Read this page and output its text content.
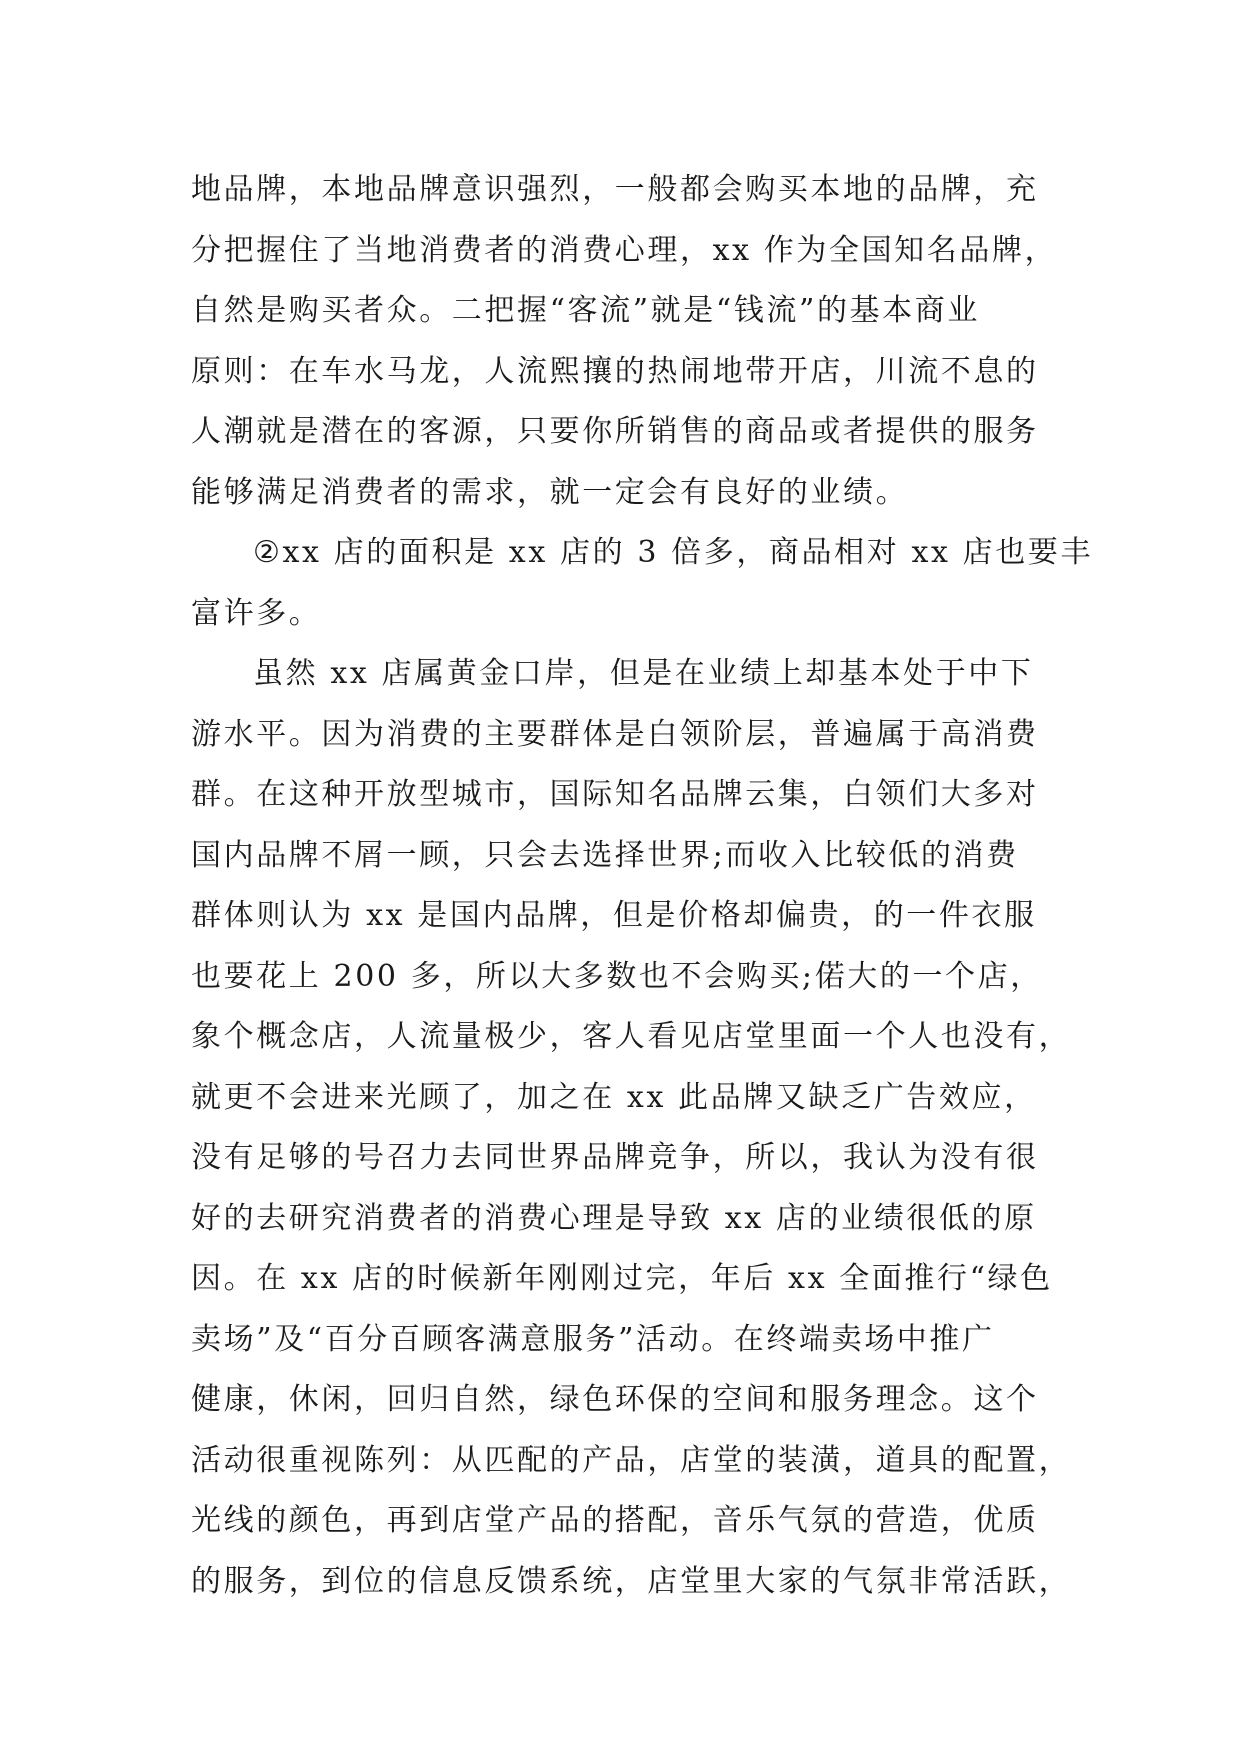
地品牌，本地品牌意识强烈，一般都会购买本地的品牌，充
分把握住了当地消费者的消费心理，xx 作为全国知名品牌，
自然是购买者众。二把握“客流”就是“钱流”的基本商业
原则：在车水马龙，人流熙攘的热闹地带开店，川流不息的
人潮就是潜在的客源，只要你所销售的商品或者提供的服务
能够满足消费者的需求，就一定会有良好的业绩。
②xx 店的面积是 xx 店的 3 倍多，商品相对 xx 店也要丰
富许多。
虽然 xx 店属黄金口岸，但是在业绩上却基本处于中下
游水平。因为消费的主要群体是白领阶层，普遍属于高消费
群。在这种开放型城市，国际知名品牌云集，白领们大多对
国内品牌不屑一顾，只会去选择世界;而收入比较低的消费
群体则认为 xx 是国内品牌，但是价格却偏贵，的一件衣服
也要花上 200 多，所以大多数也不会购买;偌大的一个店，
象个概念店，人流量极少，客人看见店堂里面一个人也没有，
就更不会进来光顾了，加之在 xx 此品牌又缺乏广告效应，
没有足够的号召力去同世界品牌竞争，所以，我认为没有很
好的去研究消费者的消费心理是导致 xx 店的业绩很低的原
因。在 xx 店的时候新年刚刚过完，年后 xx 全面推行“绿色
卖场”及“百分百顾客满意服务”活动。在终端卖场中推广
健康，休闲，回归自然，绿色环保的空间和服务理念。这个
活动很重视陈列：从匹配的产品，店堂的装潢，道具的配置，
光线的颜色，再到店堂产品的搭配，音乐气氛的营造，优质
的服务，到位的信息反馈系统，店堂里大家的气氛非常活跃，
